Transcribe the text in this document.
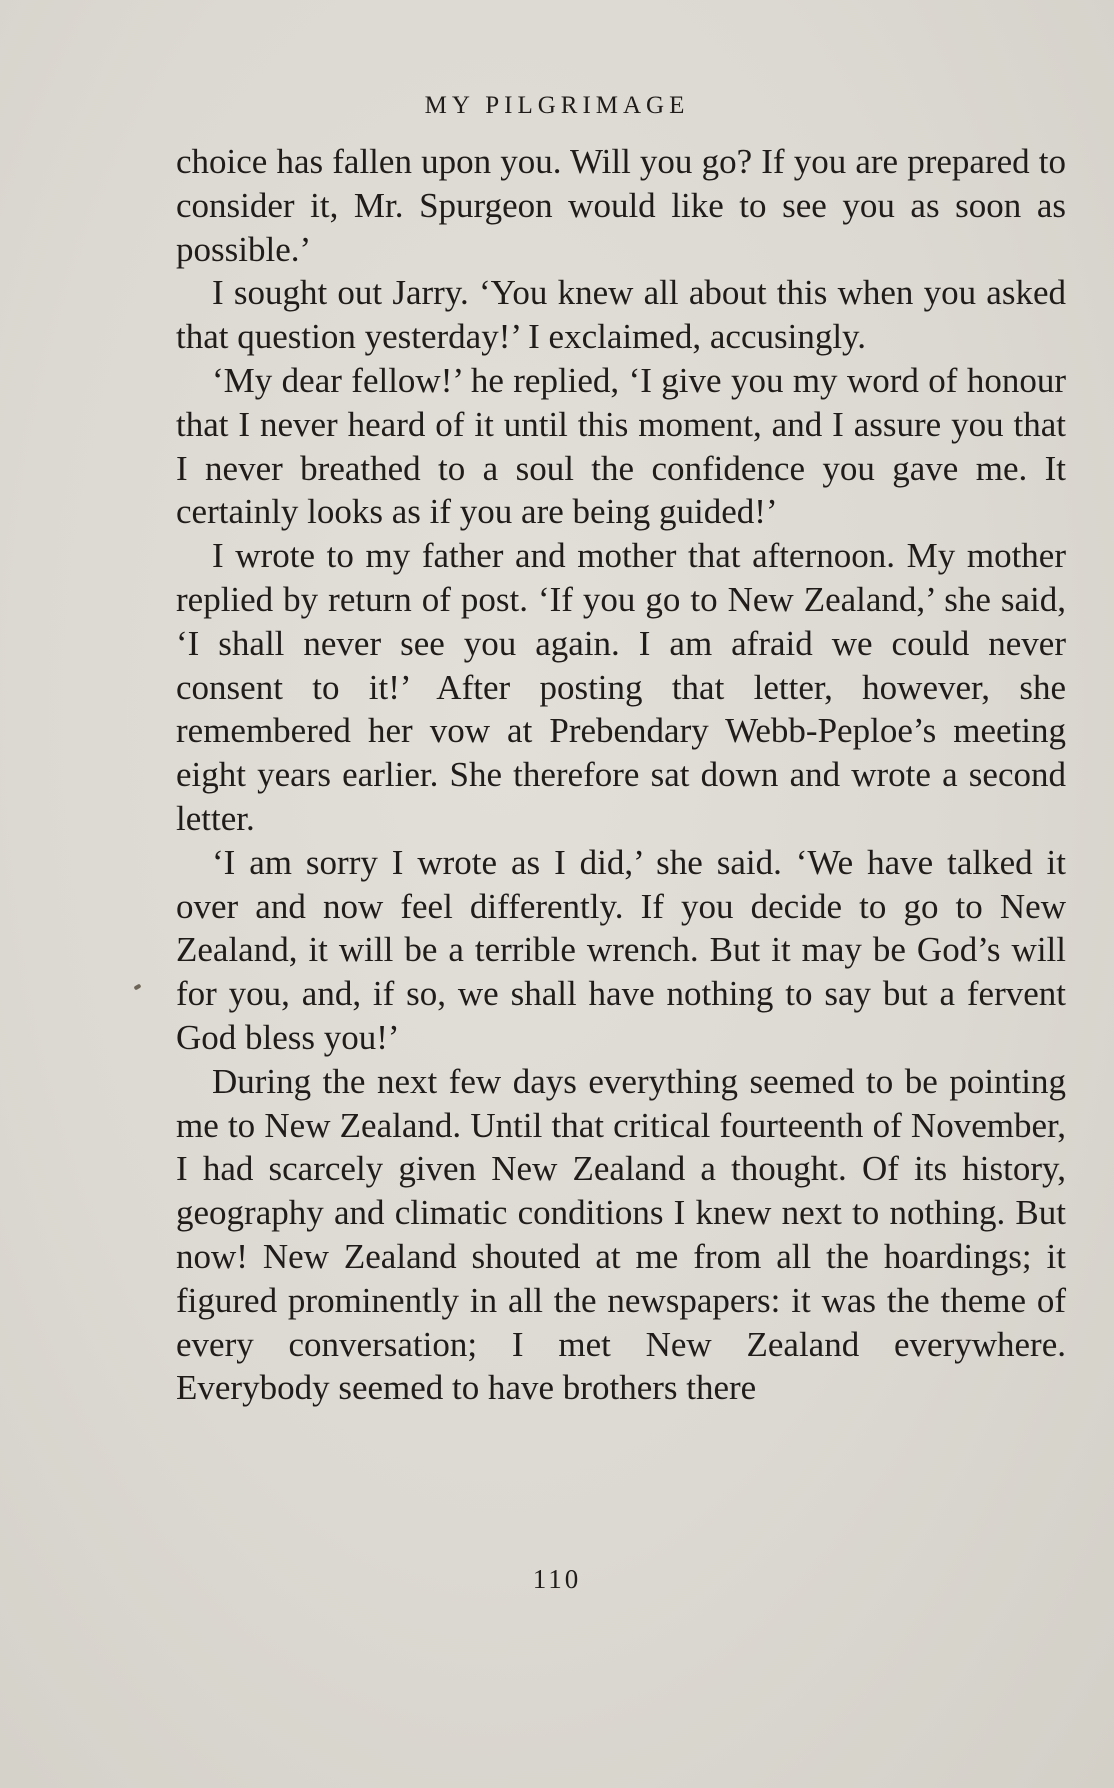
MY PILGRIMAGE

choice has fallen upon you. Will you go? If you are prepared to consider it, Mr. Spurgeon would like to see you as soon as possible.’

I sought out Jarry. ‘You knew all about this when you asked that question yesterday!’ I exclaimed, accusingly.

‘My dear fellow!’ he replied, ‘I give you my word of honour that I never heard of it until this moment, and I assure you that I never breathed to a soul the confidence you gave me. It certainly looks as if you are being guided!’

I wrote to my father and mother that afternoon. My mother replied by return of post. ‘If you go to New Zealand,’ she said, ‘I shall never see you again. I am afraid we could never consent to it!’ After posting that letter, however, she remembered her vow at Prebendary Webb-Peploe’s meeting eight years earlier. She therefore sat down and wrote a second letter.

‘I am sorry I wrote as I did,’ she said. ‘We have talked it over and now feel differently. If you decide to go to New Zealand, it will be a terrible wrench. But it may be God’s will for you, and, if so, we shall have nothing to say but a fervent God bless you!’

During the next few days everything seemed to be pointing me to New Zealand. Until that critical fourteenth of November, I had scarcely given New Zealand a thought. Of its history, geography and climatic conditions I knew next to nothing. But now! New Zealand shouted at me from all the hoardings; it figured prominently in all the newspapers: it was the theme of every conversation; I met New Zealand everywhere. Everybody seemed to have brothers there

110
